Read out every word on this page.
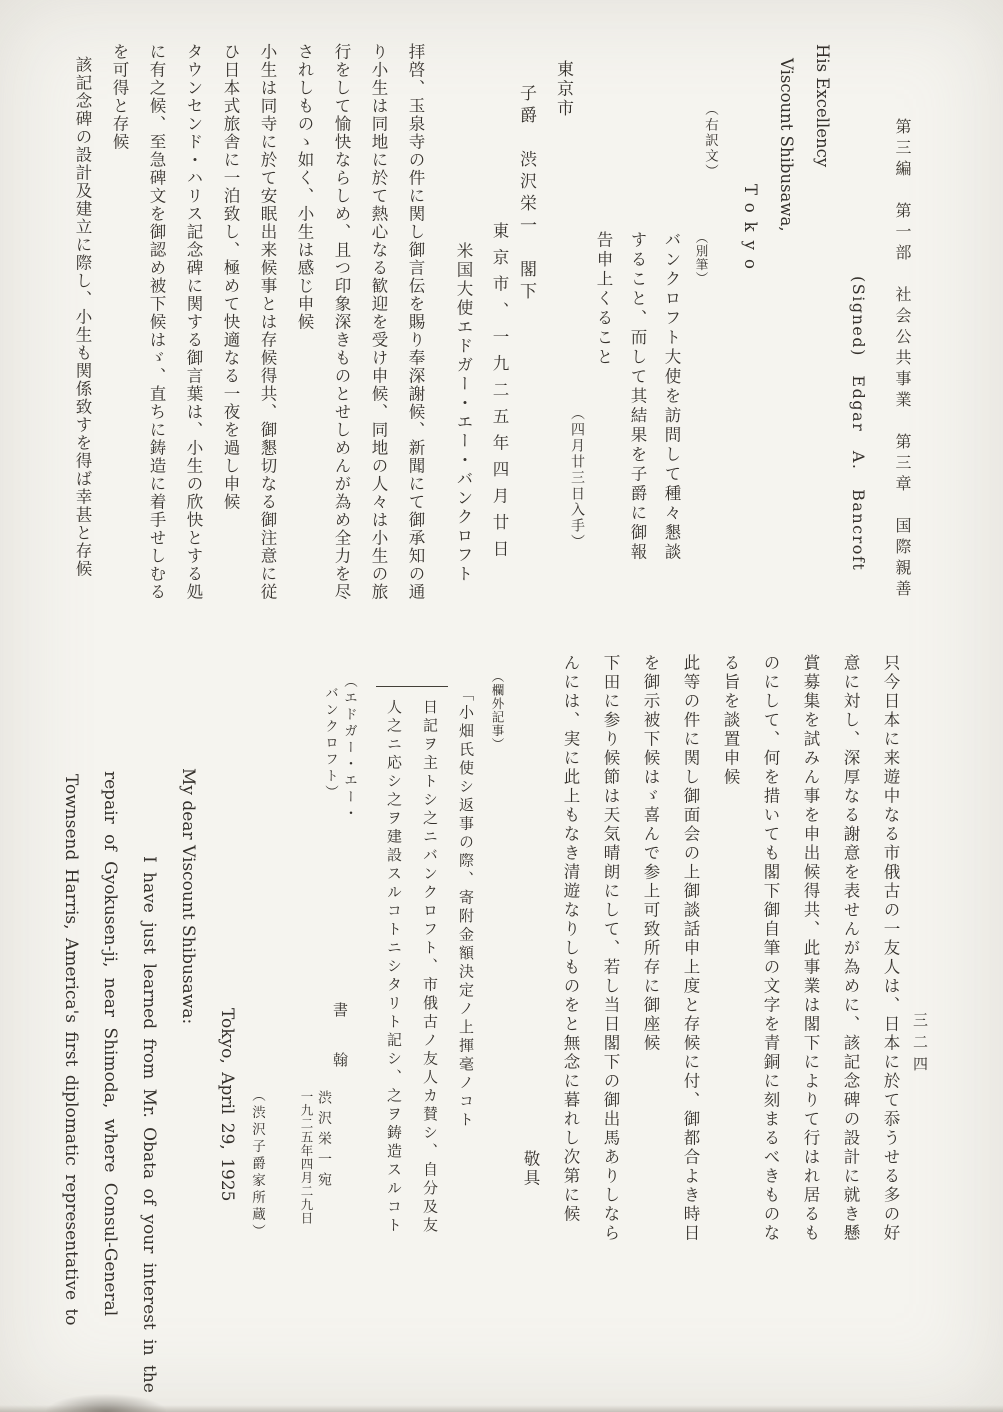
第三編　第一部　社会公共事業　第三章　国際親善
三二四
(Signed) Edgar A. Bancroft
His Excellency
Viscount Shibusawa,
Tokyo
（右訳文）
（別筆）
バンクロフト大使を訪問して種々懇談
すること、而して其結果を子爵に御報
告申上くること
東京市
子爵　渋沢栄一　閣下
（四月廿三日入手）
東京市、一九二五年四月廿日
米国大使エドガー・エー・バンクロフト
拝啓、玉泉寺の件に関し御言伝を賜り奉深謝候、新聞にて御承知の通
り小生は同地に於て熱心なる歓迎を受け申候、同地の人々は小生の旅
行をして愉快ならしめ、且つ印象深きものとせしめんが為め全力を尽
されしものゝ如く、小生は感じ申候
小生は同寺に於て安眠出来候事とは存候得共、御懇切なる御注意に従
ひ日本式旅舎に一泊致し、極めて快適なる一夜を過し申候
タウンセンド・ハリス記念碑に関する御言葉は、小生の欣快とする処
に有之候、至急碑文を御認め被下候はゞ、直ちに鋳造に着手せしむる
を可得と存候
該記念碑の設計及建立に際し、小生も関係致すを得ば幸甚と存候
只今日本に来遊中なる市俄古の一友人は、日本に於て忝うせる多の好
意に対し、深厚なる謝意を表せんが為めに、該記念碑の設計に就き懸
賞募集を試みん事を申出候得共、此事業は閣下によりて行はれ居るも
のにして、何を措いても閣下御自筆の文字を青銅に刻まるべきものな
る旨を談置申候
此等の件に関し御面会の上御談話申上度と存候に付、御都合よき時日
を御示被下候はゞ喜んで参上可致所存に御座候
下田に参り候節は天気晴朗にして、若し当日閣下の御出馬ありしなら
んには、実に此上もなき清遊なりしものをと無念に暮れし次第に候
敬具
（欄外記事）
「小畑氏使シ返事の際、寄附金額決定ノ上揮毫ノコト
日記ヲ主トシ之ニバンクロフト、市俄古ノ友人カ賛シ、自分及友
人之ニ応シ之ヲ建設スルコトニシタリト記シ、之ヲ鋳造スルコト
（エドガー・エー・
バンクロフト）
書　翰
渋沢栄一宛
一九二五年四月二九日
（渋沢子爵家所蔵）
Tokyo, April 29, 1925
My dear Viscount Shibusawa:
I have just learned from Mr. Obata of your interest in the
repair of Gyokusen-ji, near Shimoda, where Consul-General
Townsend Harris, America's first diplomatic representative to
